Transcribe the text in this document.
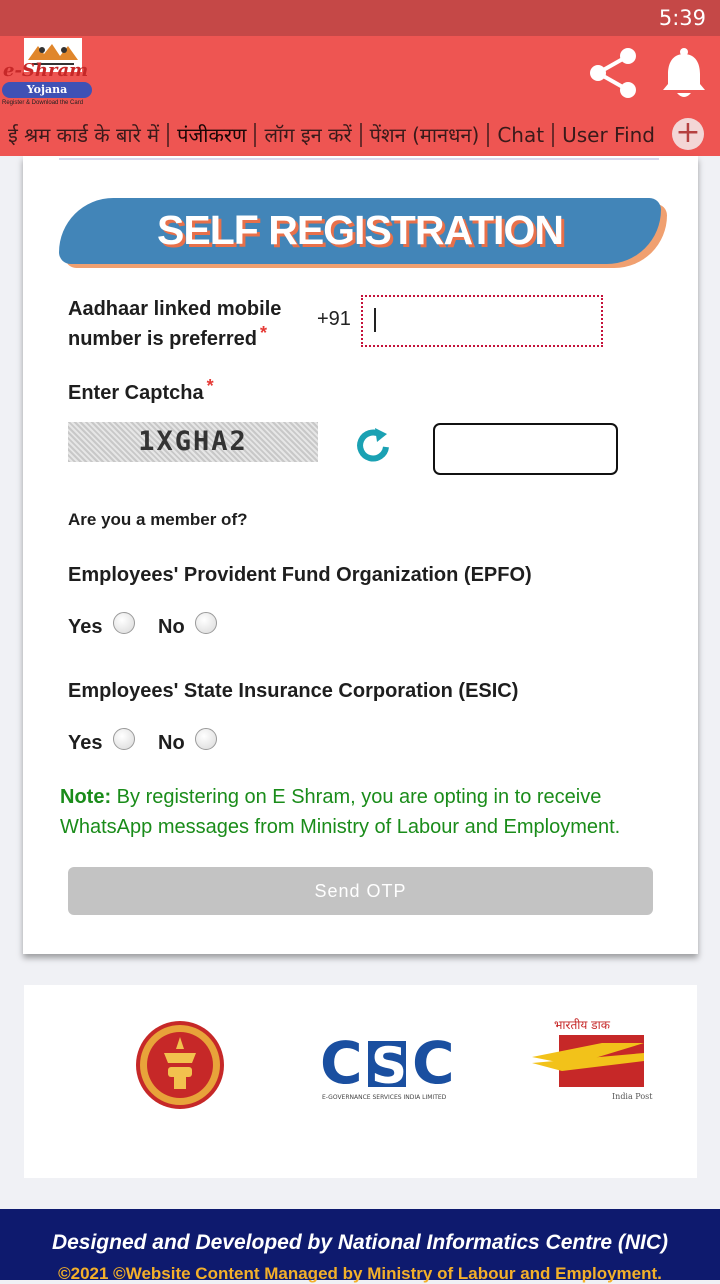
5:39
e-Shram
Yojana
Register & Download the Card
ई श्रम कार्ड के बारे में पंजीकरण लॉग इन करें पेंशन (मानधन) Chat User Find +
SELF REGISTRATION
Aadhaar linked mobile number is preferred *
+91
Enter Captcha *
1XGHA2
Are you a member of?
Employees' Provident Fund Organization (EPFO)
Yes	No
Employees' State Insurance Corporation (ESIC)
Yes	No
Note: By registering on E Shram, you are opting in to receive WhatsApp messages from Ministry of Labour and Employment.
Send OTP
C S C
E-GOVERNANCE SERVICES INDIA LIMITED
भारतीय डाक
India Post
Designed and Developed by National Informatics Centre (NIC)
©2021 ©Website Content Managed by Ministry of Labour and Employment.
